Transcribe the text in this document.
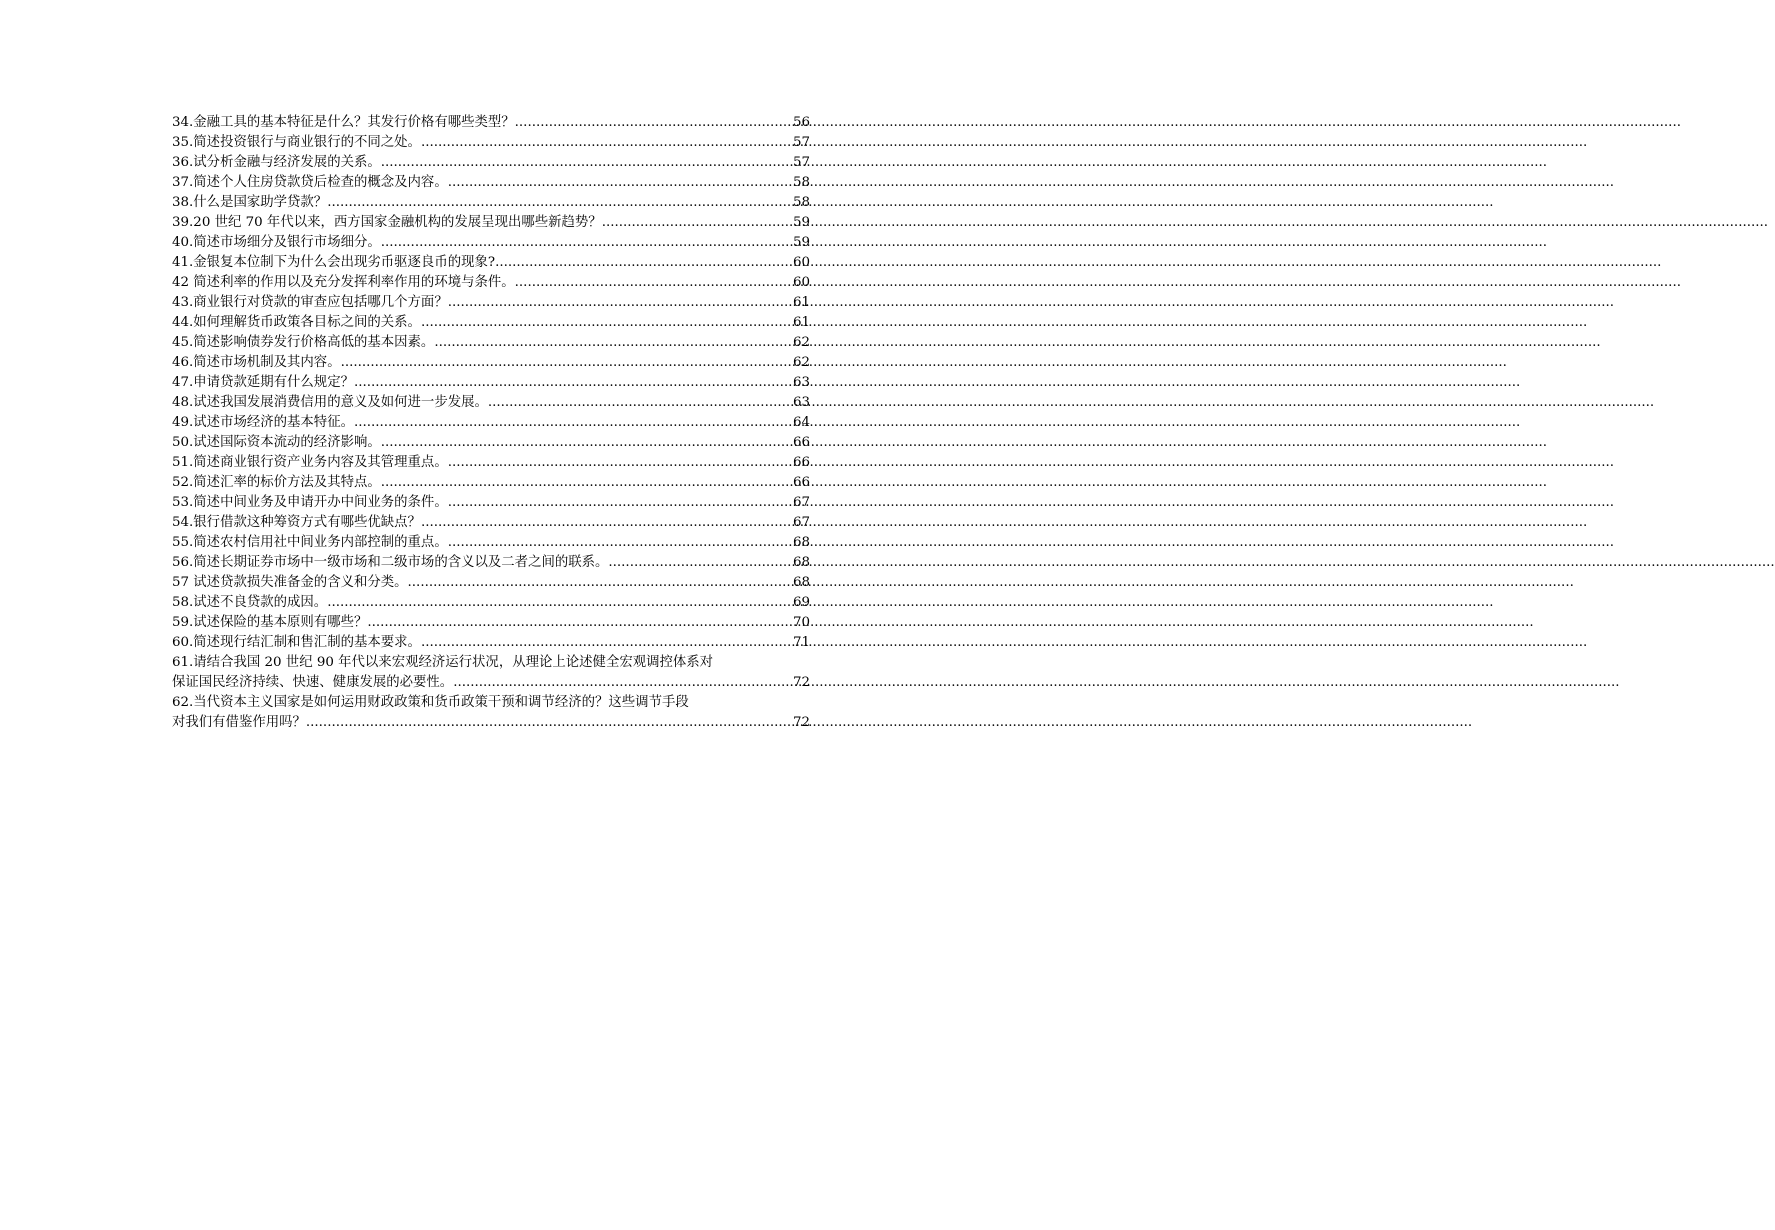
34.金融工具的基本特征是什么？其发行价格有哪些类型？ .....	56
35.简述投资银行与商业银行的不同之处。 .....	57
36.试分析金融与经济发展的关系。 .....	57
37.简述个人住房贷款贷后检查的概念及内容。 .....	58
38.什么是国家助学贷款？ .....	58
39.20 世纪 70 年代以来，西方国家金融机构的发展呈现出哪些新趋势？ .....	59
40.简述市场细分及银行市场细分。 .....	59
41.金银复本位制下为什么会出现劣币驱逐良币的现象? .....	60
42 简述利率的作用以及充分发挥利率作用的环境与条件。 .....	60
43.商业银行对贷款的审查应包括哪几个方面？ .....	61
44.如何理解货币政策各目标之间的关系。 .....	61
45.简述影响债券发行价格高低的基本因素。 .....	62
46.简述市场机制及其内容。 .....	62
47.申请贷款延期有什么规定？ .....	63
48.试述我国发展消费信用的意义及如何进一步发展。 .....	63
49.试述市场经济的基本特征。 .....	64
50.试述国际资本流动的经济影响。 .....	66
51.简述商业银行资产业务内容及其管理重点。 .....	66
52.简述汇率的标价方法及其特点。 .....	66
53.简述中间业务及申请开办中间业务的条件。 .....	67
54.银行借款这种筹资方式有哪些优缺点？ .....	67
55.简述农村信用社中间业务内部控制的重点。 .....	68
56.简述长期证券市场中一级市场和二级市场的含义以及二者之间的联系。 .....	68
57 试述贷款损失准备金的含义和分类。 .....	68
58.试述不良贷款的成因。 .....	69
59.试述保险的基本原则有哪些？ .....	70
60.简述现行结汇制和售汇制的基本要求。 .....	71
61.请结合我国 20 世纪 90 年代以来宏观经济运行状况，从理论上论述健全宏观调控体系对
保证国民经济持续、快速、健康发展的必要性。 .....	72
62.当代资本主义国家是如何运用财政政策和货币政策干预和调节经济的？这些调节手段
对我们有借鉴作用吗？ .....	72
